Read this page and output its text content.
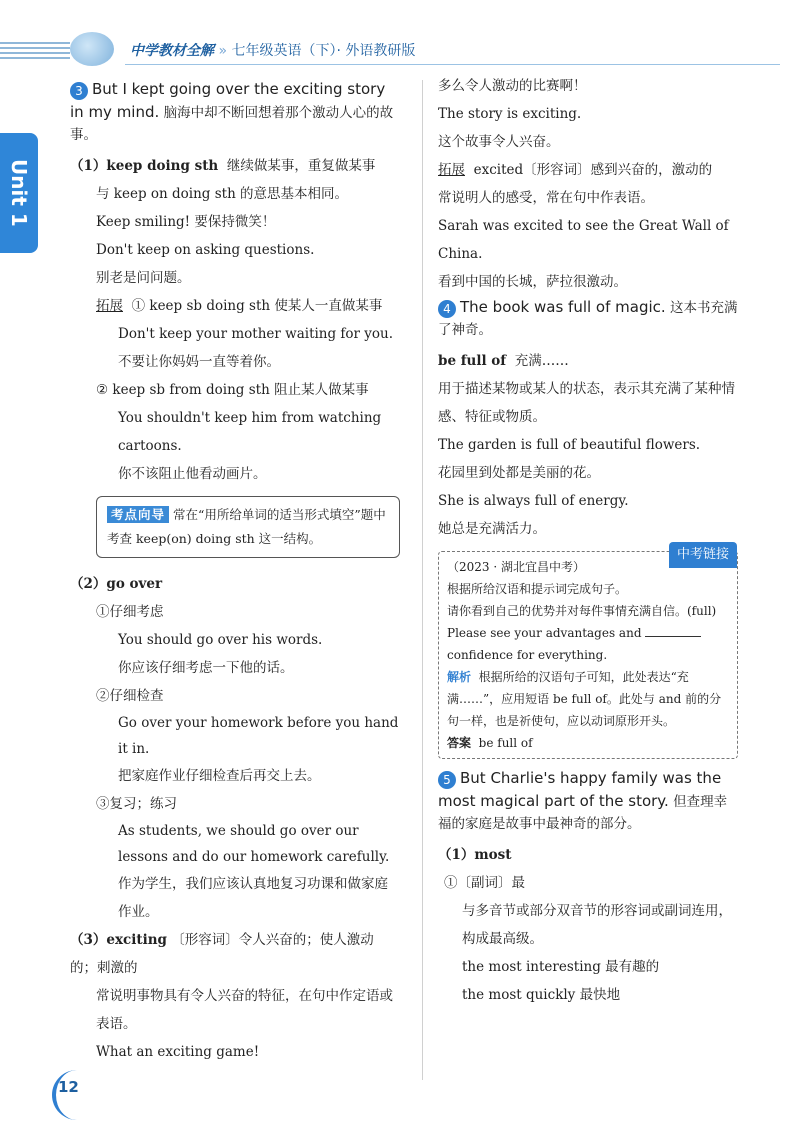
中学教材全解 » 七年级英语（下）· 外语教研版
Unit 1
3 But I kept going over the exciting story in my mind. 脑海中却不断回想着那个激动人心的故事。

（1）keep doing sth 继续做某事，重复做某事

与 keep on doing sth 的意思基本相同。

Keep smiling! 要保持微笑！

Don't keep on asking questions.

别老是问问题。

拓展 ① keep sb doing sth 使某人一直做某事

Don't keep your mother waiting for you.

不要让你妈妈一直等着你。

② keep sb from doing sth 阻止某人做某事

You shouldn't keep him from watching cartoons.

你不该阻止他看动画片。

考点向导 常在“用所给单词的适当形式填空”题中考查 keep(on) doing sth 这一结构。

（2）go over

①仔细考虑

You should go over his words.

你应该仔细考虑一下他的话。

②仔细检查

Go over your homework before you hand it in.

把家庭作业仔细检查后再交上去。

③复习；练习

As students, we should go over our lessons and do our homework carefully.

作为学生，我们应该认真地复习功课和做家庭作业。

（3）exciting 〔形容词〕令人兴奋的；使人激动的；刺激的

常说明事物具有令人兴奋的特征，在句中作定语或表语。

What an exciting game!

多么令人激动的比赛啊！

The story is exciting.

这个故事令人兴奋。

拓展 excited〔形容词〕感到兴奋的，激动的

常说明人的感受，常在句中作表语。

Sarah was excited to see the Great Wall of China.

看到中国的长城，萨拉很激动。

4 The book was full of magic. 这本书充满了神奇。

be full of 充满……

用于描述某物或某人的状态，表示其充满了某种情感、特征或物质。

The garden is full of beautiful flowers.

花园里到处都是美丽的花。

She is always full of energy.

她总是充满活力。

中考链接
（2023 · 湖北宜昌中考）
根据所给汉语和提示词完成句子。
请你看到自己的优势并对每件事情充满自信。(full)
Please see your advantages and
confidence for everything.
解析 根据所给的汉语句子可知，此处表达“充满……”，应用短语 be full of。此处与 and 前的分句一样，也是祈使句，应以动词原形开头。
答案 be full of
5 But Charlie's happy family was the most magical part of the story. 但查理幸福的家庭是故事中最神奇的部分。

（1）most

①〔副词〕最

与多音节或部分双音节的形容词或副词连用，构成最高级。

the most interesting 最有趣的

the most quickly 最快地

12
